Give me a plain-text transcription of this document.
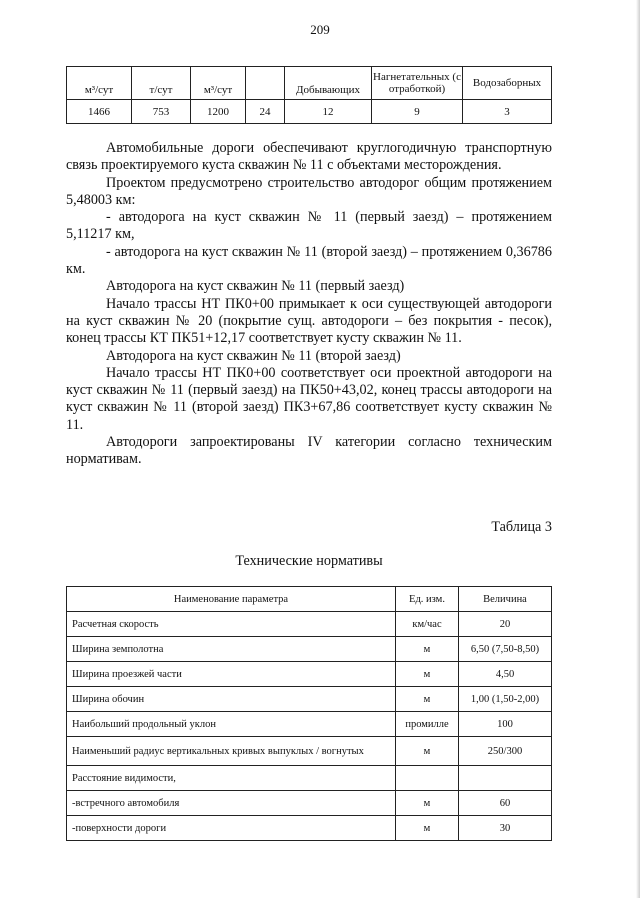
209
м³/сут	т/сут	м³/сут		Добывающих	Нагнетательных (с отработкой)	Водозаборных
1466	753	1200	24	12	9	3

Автомобильные дороги обеспечивают круглогодичную транспортную связь проектируемого куста скважин № 11 с объектами месторождения.

Проектом предусмотрено строительство автодорог общим протяжением 5,48003 км:

- автодорога на куст скважин № 11 (первый заезд) – протяжением 5,11217 км,

- автодорога на куст скважин № 11 (второй заезд) – протяжением 0,36786 км.

Автодорога на куст скважин № 11 (первый заезд)

Начало трассы НТ ПК0+00 примыкает к оси существующей автодороги на куст скважин № 20 (покрытие сущ. автодороги – без покрытия - песок), конец трассы КТ ПК51+12,17 соответствует кусту скважин № 11.

Автодорога на куст скважин № 11 (второй заезд)

Начало трассы НТ ПК0+00 соответствует оси проектной автодороги на куст скважин № 11 (первый заезд) на ПК50+43,02, конец трассы автодороги на куст скважин № 11 (второй заезд) ПК3+67,86 соответствует кусту скважин № 11.

Автодороги запроектированы IV категории согласно техническим нормативам.

Таблица 3
Технические нормативы
Наименование параметра	Ед. изм.	Величина
Расчетная скорость	км/час	20
Ширина земполотна	м	6,50 (7,50-8,50)
Ширина проезжей части	м	4,50
Ширина обочин	м	1,00 (1,50-2,00)
Наибольший продольный уклон	промилле	100
Наименьший радиус вертикальных кривых выпуклых / вогнутых	м	250/300
Расстояние видимости,		
-встречного автомобиля	м	60
-поверхности дороги	м	30
